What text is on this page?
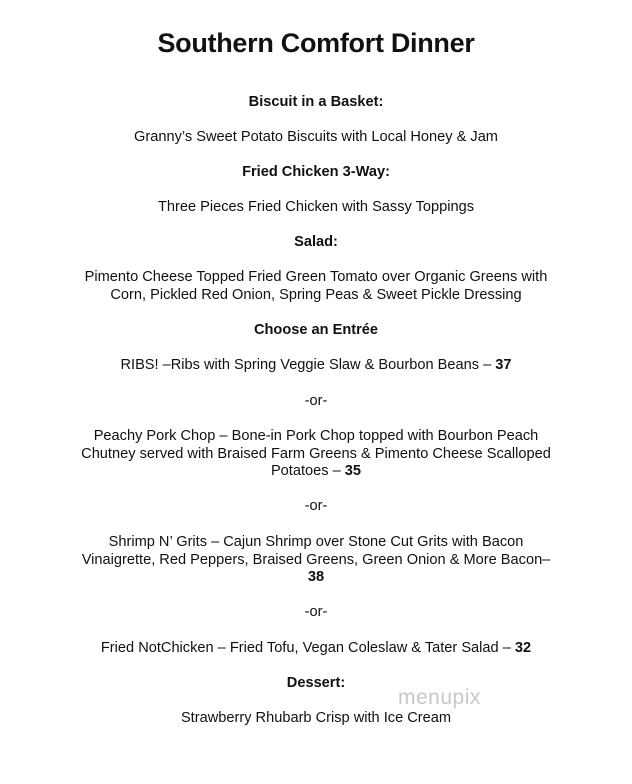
Southern Comfort Dinner
Biscuit in a Basket:
Granny’s Sweet Potato Biscuits with Local Honey & Jam
Fried Chicken 3-Way:
Three Pieces Fried Chicken with Sassy Toppings
Salad:
Pimento Cheese Topped Fried Green Tomato over Organic Greens with
Corn, Pickled Red Onion, Spring Peas & Sweet Pickle Dressing
Choose an Entrée
RIBS! –Ribs with Spring Veggie Slaw & Bourbon Beans – 37
-or-
Peachy Pork Chop – Bone-in Pork Chop topped with Bourbon Peach
Chutney served with Braised Farm Greens & Pimento Cheese Scalloped
Potatoes – 35
-or-
Shrimp N’ Grits – Cajun Shrimp over Stone Cut Grits with Bacon
Vinaigrette, Red Peppers, Braised Greens, Green Onion & More Bacon–
38
-or-
Fried NotChicken – Fried Tofu, Vegan Coleslaw & Tater Salad – 32
Dessert:
Strawberry Rhubarb Crisp with Ice Cream
menupix
